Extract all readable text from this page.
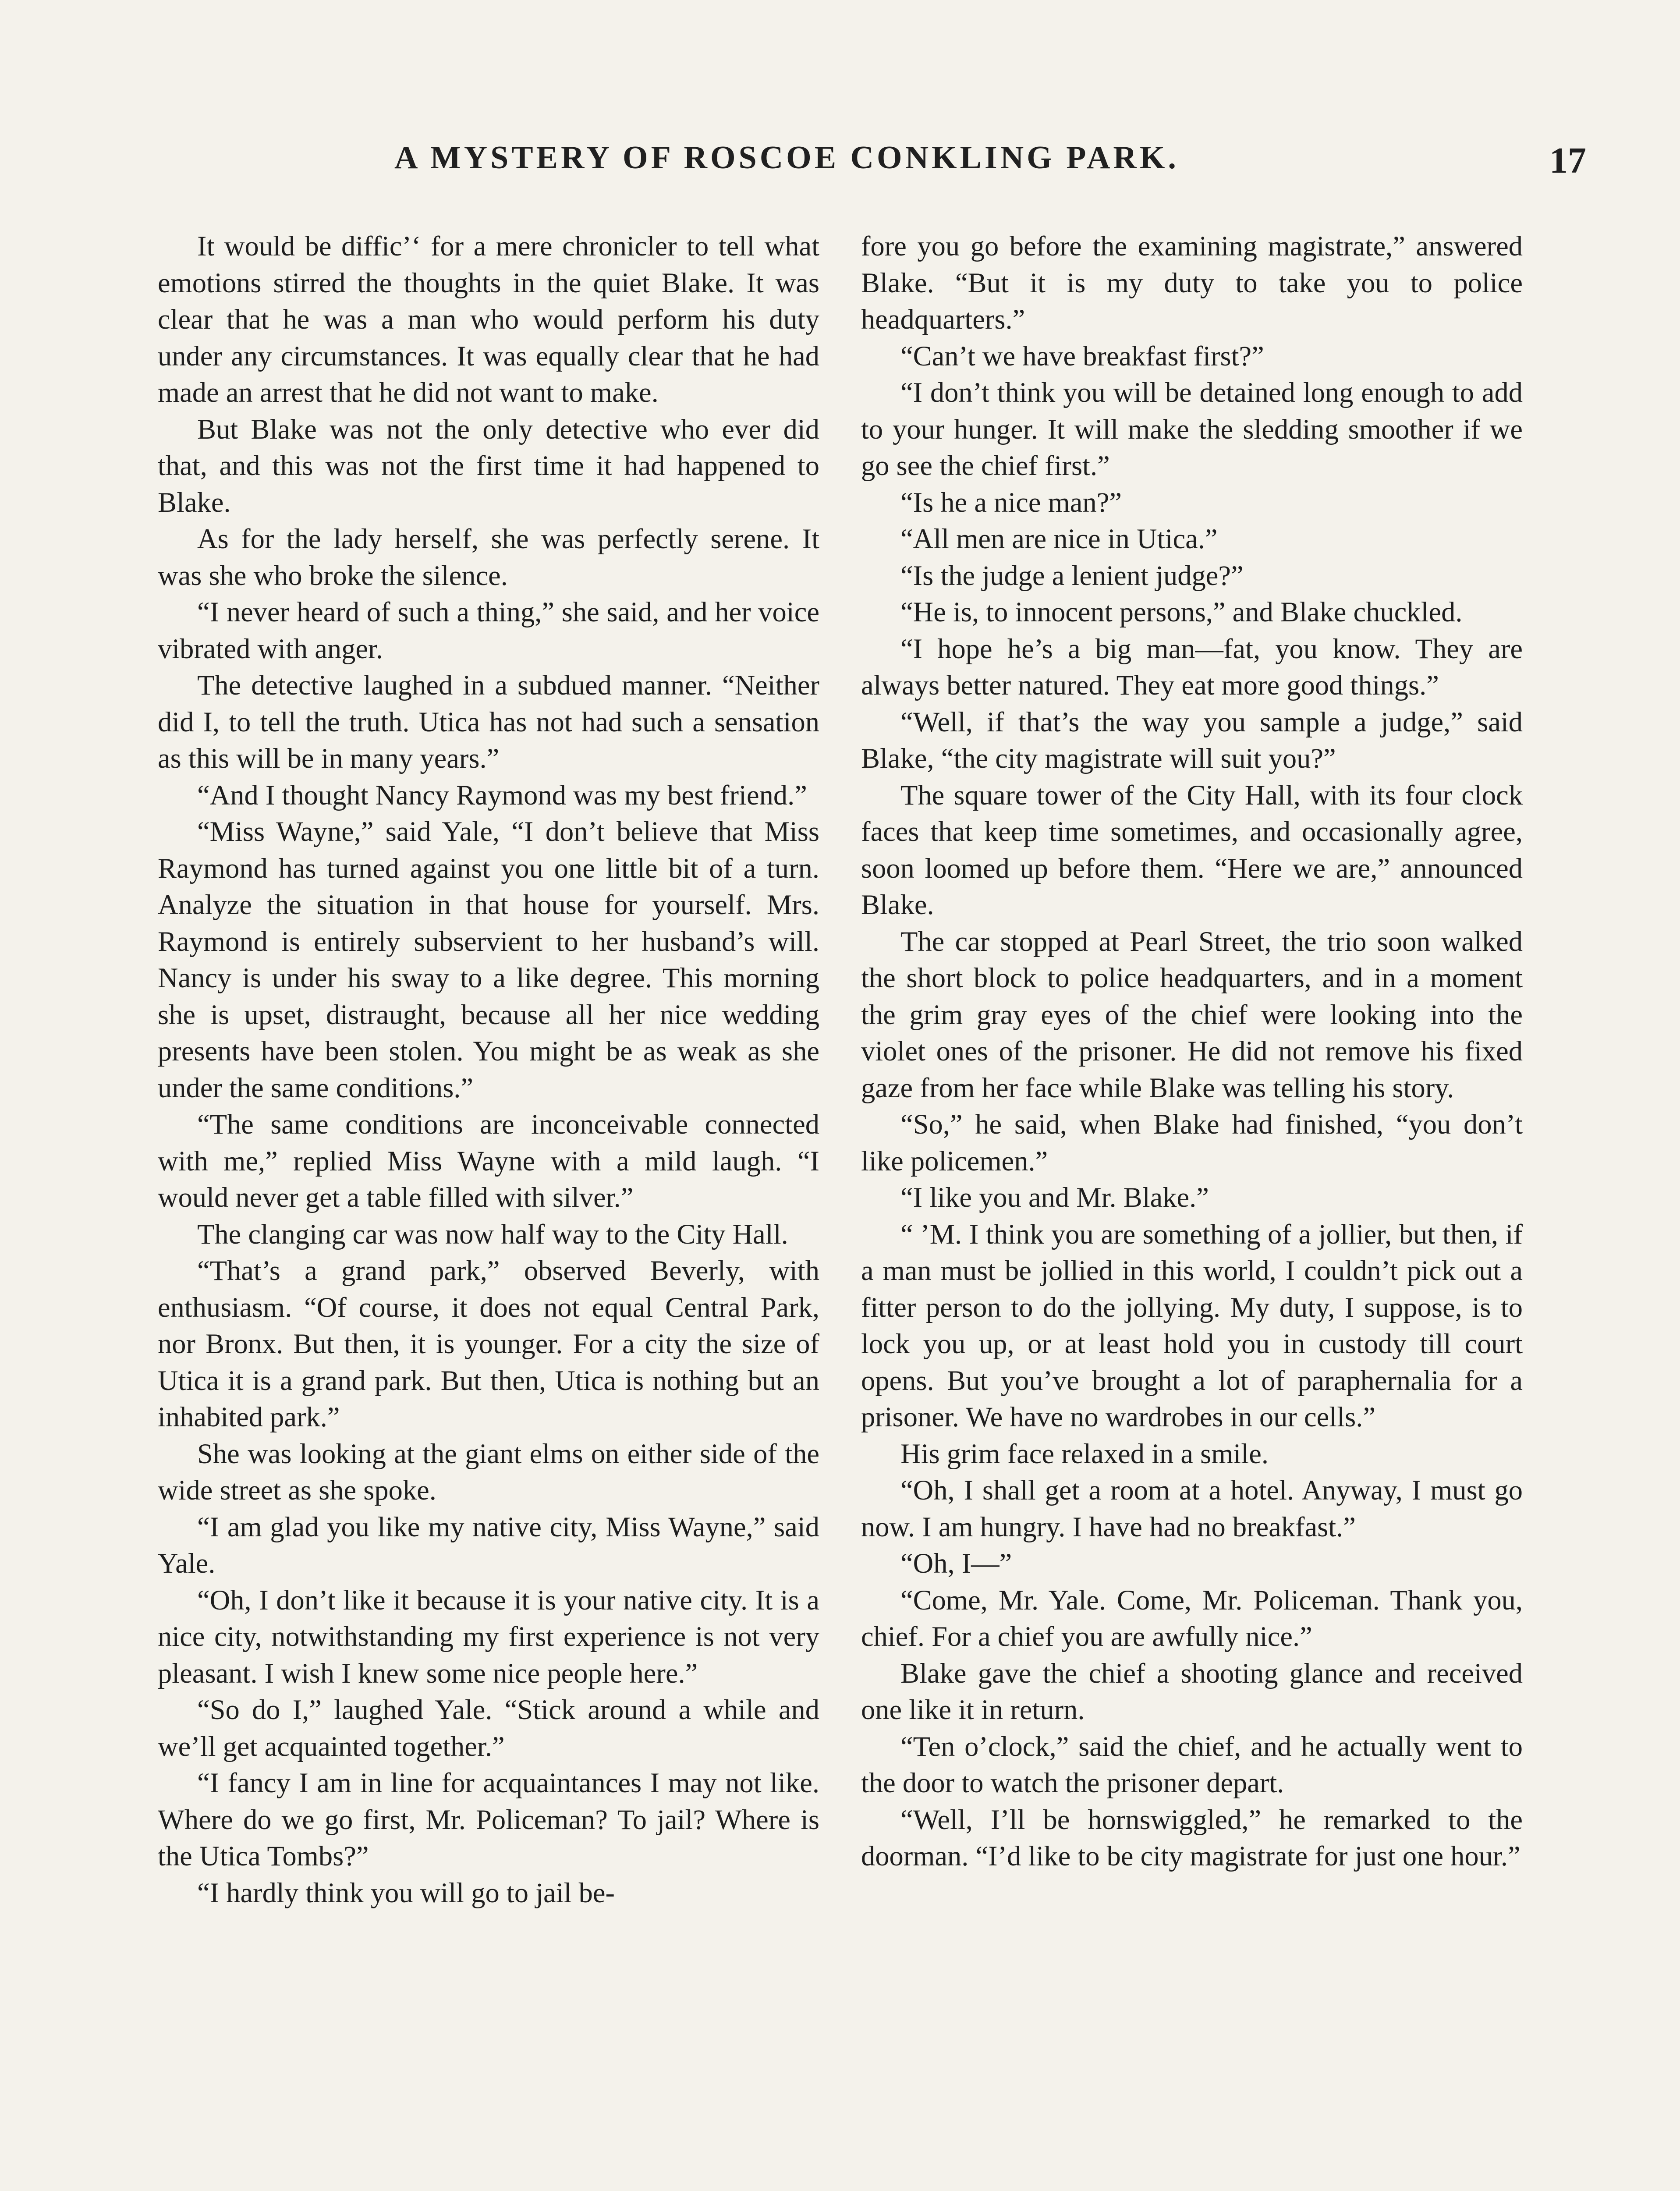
A MYSTERY OF ROSCOE CONKLING PARK.	17

It would be diffic’‘ for a mere chronicler to tell what emotions stirred the thoughts in the quiet Blake. It was clear that he was a man who would perform his duty under any circumstances. It was equally clear that he had made an arrest that he did not want to make.

But Blake was not the only detective who ever did that, and this was not the first time it had happened to Blake.

As for the lady herself, she was perfectly serene. It was she who broke the silence.

“I never heard of such a thing,” she said, and her voice vibrated with anger.

The detective laughed in a subdued manner. “Neither did I, to tell the truth. Utica has not had such a sensation as this will be in many years.”

“And I thought Nancy Raymond was my best friend.”

“Miss Wayne,” said Yale, “I don’t believe that Miss Raymond has turned against you one little bit of a turn. Analyze the situation in that house for yourself. Mrs. Raymond is entirely subservient to her husband’s will. Nancy is under his sway to a like degree. This morning she is upset, distraught, because all her nice wedding presents have been stolen. You might be as weak as she under the same conditions.”

“The same conditions are inconceivable connected with me,” replied Miss Wayne with a mild laugh. “I would never get a table filled with silver.”

The clanging car was now half way to the City Hall.

“That’s a grand park,” observed Beverly, with enthusiasm. “Of course, it does not equal Central Park, nor Bronx. But then, it is younger. For a city the size of Utica it is a grand park. But then, Utica is nothing but an inhabited park.”

She was looking at the giant elms on either side of the wide street as she spoke.

“I am glad you like my native city, Miss Wayne,” said Yale.

“Oh, I don’t like it because it is your native city. It is a nice city, notwithstanding my first experience is not very pleasant. I wish I knew some nice people here.”

“So do I,” laughed Yale. “Stick around a while and we’ll get acquainted together.”

“I fancy I am in line for acquaintances I may not like. Where do we go first, Mr. Policeman? To jail? Where is the Utica Tombs?”

“I hardly think you will go to jail be-

fore you go before the examining magistrate,” answered Blake. “But it is my duty to take you to police headquarters.”

“Can’t we have breakfast first?”

“I don’t think you will be detained long enough to add to your hunger. It will make the sledding smoother if we go see the chief first.”

“Is he a nice man?”

“All men are nice in Utica.”

“Is the judge a lenient judge?”

“He is, to innocent persons,” and Blake chuckled.

“I hope he’s a big man—fat, you know. They are always better natured. They eat more good things.”

“Well, if that’s the way you sample a judge,” said Blake, “the city magistrate will suit you?”

The square tower of the City Hall, with its four clock faces that keep time sometimes, and occasionally agree, soon loomed up before them. “Here we are,” announced Blake.

The car stopped at Pearl Street, the trio soon walked the short block to police headquarters, and in a moment the grim gray eyes of the chief were looking into the violet ones of the prisoner. He did not remove his fixed gaze from her face while Blake was telling his story.

“So,” he said, when Blake had finished, “you don’t like policemen.”

“I like you and Mr. Blake.”

“ ’M. I think you are something of a jollier, but then, if a man must be jollied in this world, I couldn’t pick out a fitter person to do the jollying. My duty, I suppose, is to lock you up, or at least hold you in custody till court opens. But you’ve brought a lot of paraphernalia for a prisoner. We have no wardrobes in our cells.”

His grim face relaxed in a smile.

“Oh, I shall get a room at a hotel. Anyway, I must go now. I am hungry. I have had no breakfast.”

“Oh, I—”

“Come, Mr. Yale. Come, Mr. Policeman. Thank you, chief. For a chief you are awfully nice.”

Blake gave the chief a shooting glance and received one like it in return.

“Ten o’clock,” said the chief, and he actually went to the door to watch the prisoner depart.

“Well, I’ll be hornswiggled,” he remarked to the doorman. “I’d like to be city magistrate for just one hour.”
